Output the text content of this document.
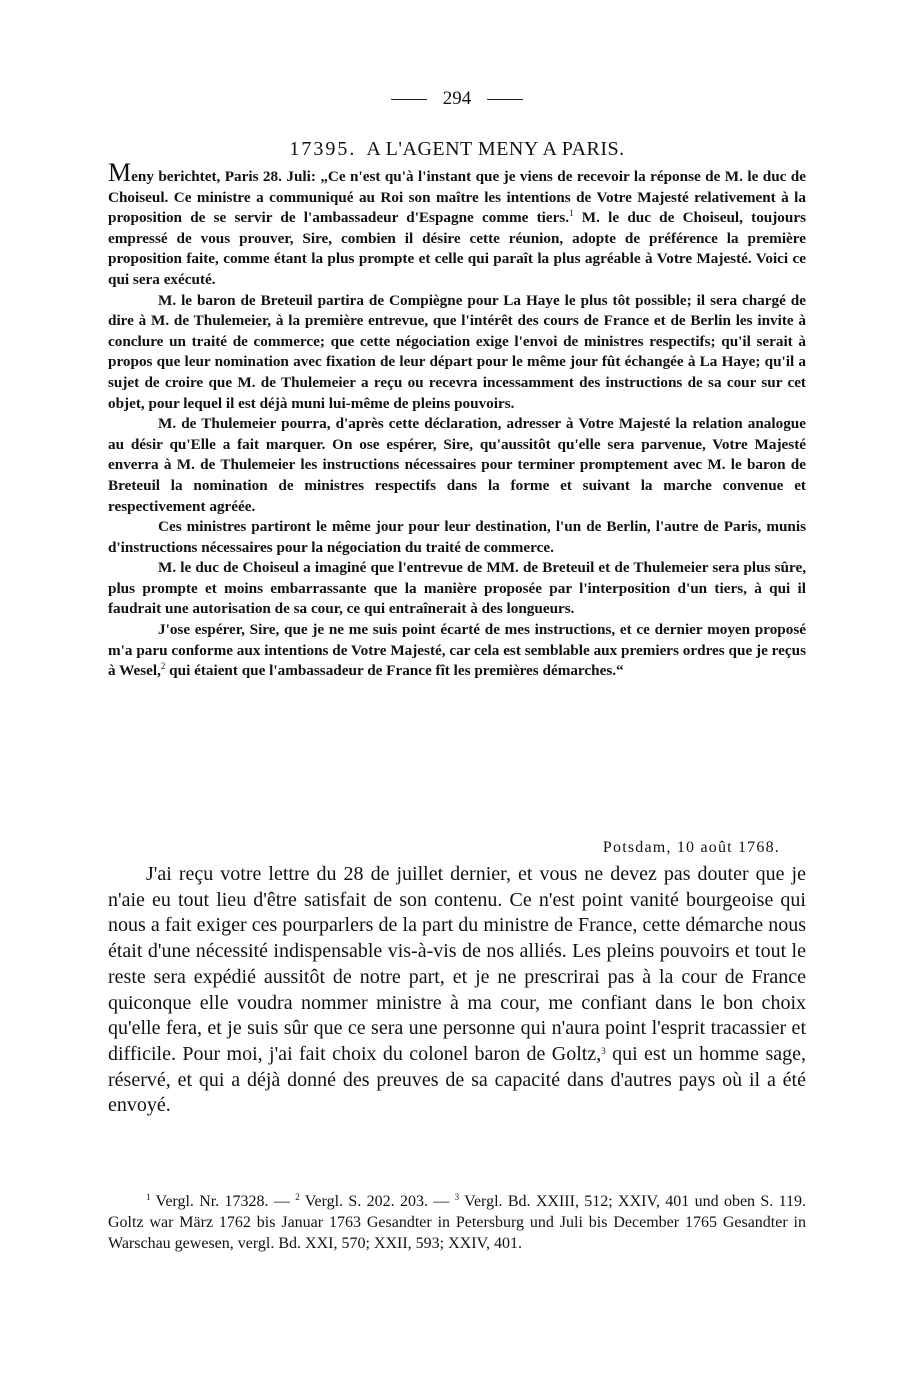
294
17395. A L'AGENT MENY A PARIS.

Meny berichtet, Paris 28. Juli: „Ce n'est qu'à l'instant que je viens de recevoir la réponse de M. le duc de Choiseul. Ce ministre a communiqué au Roi son maître les intentions de Votre Majesté relativement à la proposition de se servir de l'ambassadeur d'Espagne comme tiers.$^1$ M. le duc de Choiseul, toujours empressé de vous prouver, Sire, combien il désire cette réunion, adopte de préférence la première proposition faite, comme étant la plus prompte et celle qui paraît la plus agréable à Votre Majesté. Voici ce qui sera exécuté.

M. le baron de Breteuil partira de Compiègne pour La Haye le plus tôt possible; il sera chargé de dire à M. de Thulemeier, à la première entrevue, que l'intérêt des cours de France et de Berlin les invite à conclure un traité de commerce; que cette négociation exige l'envoi de ministres respectifs; qu'il serait à propos que leur nomination avec fixation de leur départ pour le même jour fût échangée à La Haye; qu'il a sujet de croire que M. de Thulemeier a reçu ou recevra incessamment des instructions de sa cour sur cet objet, pour lequel il est déjà muni lui-même de pleins pouvoirs.

M. de Thulemeier pourra, d'après cette déclaration, adresser à Votre Majesté la relation analogue au désir qu'Elle a fait marquer. On ose espérer, Sire, qu'aussitôt qu'elle sera parvenue, Votre Majesté enverra à M. de Thulemeier les instructions nécessaires pour terminer promptement avec M. le baron de Breteuil la nomination de ministres respectifs dans la forme et suivant la marche convenue et respectivement agréée.

Ces ministres partiront le même jour pour leur destination, l'un de Berlin, l'autre de Paris, munis d'instructions nécessaires pour la négociation du traité de commerce.

M. le duc de Choiseul a imaginé que l'entrevue de MM. de Breteuil et de Thulemeier sera plus sûre, plus prompte et moins embarrassante que la manière proposée par l'interposition d'un tiers, à qui il faudrait une autorisation de sa cour, ce qui entraînerait à des longueurs.

J'ose espérer, Sire, que je ne me suis point écarté de mes instructions, et ce dernier moyen proposé m'a paru conforme aux intentions de Votre Majesté, car cela est semblable aux premiers ordres que je reçus à Wesel,$^2$ qui étaient que l'ambassadeur de France fît les premières démarches.“

Potsdam, 10 août 1768.

J'ai reçu votre lettre du 28 de juillet dernier, et vous ne devez pas douter que je n'aie eu tout lieu d'être satisfait de son contenu. Ce n'est point vanité bourgeoise qui nous a fait exiger ces pourparlers de la part du ministre de France, cette démarche nous était d'une nécessité indispensable vis-à-vis de nos alliés. Les pleins pouvoirs et tout le reste sera expédié aussitôt de notre part, et je ne prescrirai pas à la cour de France quiconque elle voudra nommer ministre à ma cour, me confiant dans le bon choix qu'elle fera, et je suis sûr que ce sera une personne qui n'aura point l'esprit tracassier et difficile. Pour moi, j'ai fait choix du colonel baron de Goltz,$^3$ qui est un homme sage, réservé, et qui a déjà donné des preuves de sa capacité dans d'autres pays où il a été envoyé.

$^1$ Vergl. Nr. 17328. — $^2$ Vergl. S. 202. 203. — $^3$ Vergl. Bd. XXIII, 512; XXIV, 401 und oben S. 119. Goltz war März 1762 bis Januar 1763 Gesandter in Petersburg und Juli bis December 1765 Gesandter in Warschau gewesen, vergl. Bd. XXI, 570; XXII, 593; XXIV, 401.
